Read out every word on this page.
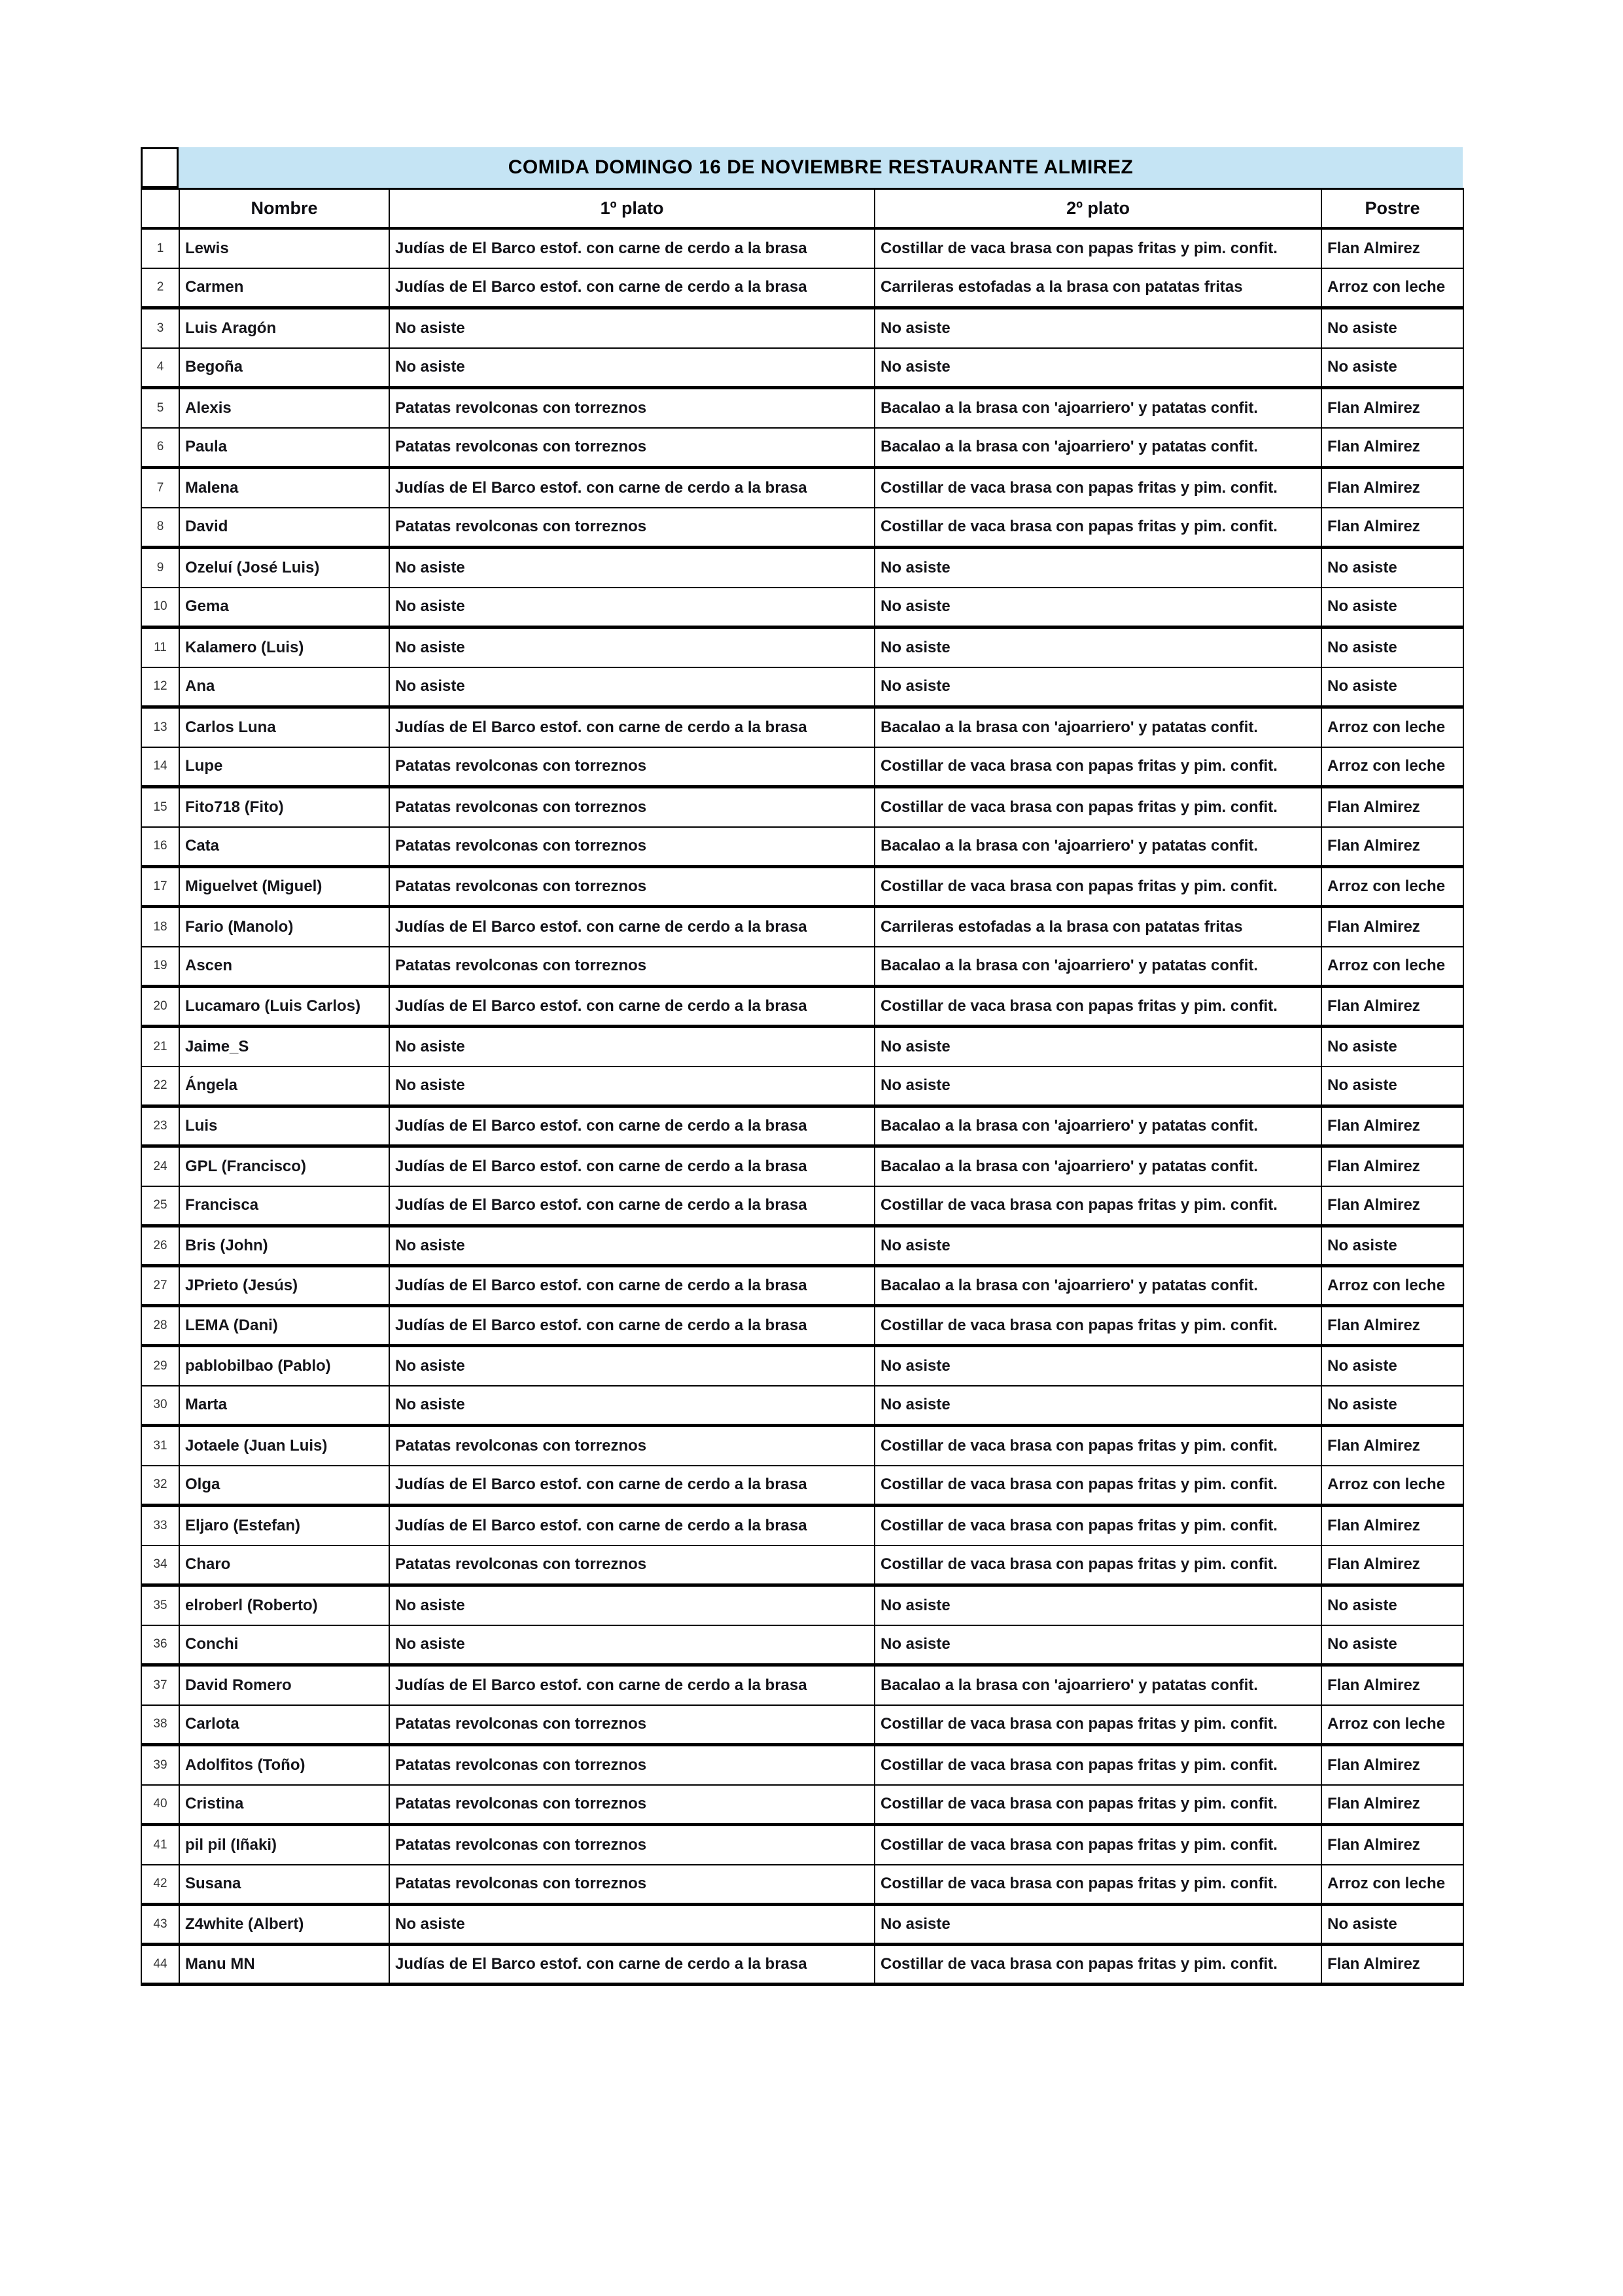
COMIDA DOMINGO 16 DE NOVIEMBRE RESTAURANTE ALMIREZ
	Nombre	1º plato	2º plato	Postre
1	Lewis	Judías de El Barco estof. con carne de cerdo a la brasa	Costillar de vaca brasa con papas fritas y pim. confit.	Flan Almirez
2	Carmen	Judías de El Barco estof. con carne de cerdo a la brasa	Carrileras estofadas a la brasa con patatas fritas	Arroz con leche
3	Luis Aragón	No asiste	No asiste	No asiste
4	Begoña	No asiste	No asiste	No asiste
5	Alexis	Patatas revolconas con torreznos	Bacalao a la brasa con 'ajoarriero' y patatas confit.	Flan Almirez
6	Paula	Patatas revolconas con torreznos	Bacalao a la brasa con 'ajoarriero' y patatas confit.	Flan Almirez
7	Malena	Judías de El Barco estof. con carne de cerdo a la brasa	Costillar de vaca brasa con papas fritas y pim. confit.	Flan Almirez
8	David	Patatas revolconas con torreznos	Costillar de vaca brasa con papas fritas y pim. confit.	Flan Almirez
9	Ozeluí (José Luis)	No asiste	No asiste	No asiste
10	Gema	No asiste	No asiste	No asiste
11	Kalamero (Luis)	No asiste	No asiste	No asiste
12	Ana	No asiste	No asiste	No asiste
13	Carlos Luna	Judías de El Barco estof. con carne de cerdo a la brasa	Bacalao a la brasa con 'ajoarriero' y patatas confit.	Arroz con leche
14	Lupe	Patatas revolconas con torreznos	Costillar de vaca brasa con papas fritas y pim. confit.	Arroz con leche
15	Fito718 (Fito)	Patatas revolconas con torreznos	Costillar de vaca brasa con papas fritas y pim. confit.	Flan Almirez
16	Cata	Patatas revolconas con torreznos	Bacalao a la brasa con 'ajoarriero' y patatas confit.	Flan Almirez
17	Miguelvet (Miguel)	Patatas revolconas con torreznos	Costillar de vaca brasa con papas fritas y pim. confit.	Arroz con leche
18	Fario (Manolo)	Judías de El Barco estof. con carne de cerdo a la brasa	Carrileras estofadas a la brasa con patatas fritas	Flan Almirez
19	Ascen	Patatas revolconas con torreznos	Bacalao a la brasa con 'ajoarriero' y patatas confit.	Arroz con leche
20	Lucamaro (Luis Carlos)	Judías de El Barco estof. con carne de cerdo a la brasa	Costillar de vaca brasa con papas fritas y pim. confit.	Flan Almirez
21	Jaime_S	No asiste	No asiste	No asiste
22	Ángela	No asiste	No asiste	No asiste
23	Luis	Judías de El Barco estof. con carne de cerdo a la brasa	Bacalao a la brasa con 'ajoarriero' y patatas confit.	Flan Almirez
24	GPL (Francisco)	Judías de El Barco estof. con carne de cerdo a la brasa	Bacalao a la brasa con 'ajoarriero' y patatas confit.	Flan Almirez
25	Francisca	Judías de El Barco estof. con carne de cerdo a la brasa	Costillar de vaca brasa con papas fritas y pim. confit.	Flan Almirez
26	Bris (John)	No asiste	No asiste	No asiste
27	JPrieto (Jesús)	Judías de El Barco estof. con carne de cerdo a la brasa	Bacalao a la brasa con 'ajoarriero' y patatas confit.	Arroz con leche
28	LEMA (Dani)	Judías de El Barco estof. con carne de cerdo a la brasa	Costillar de vaca brasa con papas fritas y pim. confit.	Flan Almirez
29	pablobilbao (Pablo)	No asiste	No asiste	No asiste
30	Marta	No asiste	No asiste	No asiste
31	Jotaele (Juan Luis)	Patatas revolconas con torreznos	Costillar de vaca brasa con papas fritas y pim. confit.	Flan Almirez
32	Olga	Judías de El Barco estof. con carne de cerdo a la brasa	Costillar de vaca brasa con papas fritas y pim. confit.	Arroz con leche
33	Eljaro (Estefan)	Judías de El Barco estof. con carne de cerdo a la brasa	Costillar de vaca brasa con papas fritas y pim. confit.	Flan Almirez
34	Charo	Patatas revolconas con torreznos	Costillar de vaca brasa con papas fritas y pim. confit.	Flan Almirez
35	elroberl (Roberto)	No asiste	No asiste	No asiste
36	Conchi	No asiste	No asiste	No asiste
37	David Romero	Judías de El Barco estof. con carne de cerdo a la brasa	Bacalao a la brasa con 'ajoarriero' y patatas confit.	Flan Almirez
38	Carlota	Patatas revolconas con torreznos	Costillar de vaca brasa con papas fritas y pim. confit.	Arroz con leche
39	Adolfitos (Toño)	Patatas revolconas con torreznos	Costillar de vaca brasa con papas fritas y pim. confit.	Flan Almirez
40	Cristina	Patatas revolconas con torreznos	Costillar de vaca brasa con papas fritas y pim. confit.	Flan Almirez
41	pil pil (Iñaki)	Patatas revolconas con torreznos	Costillar de vaca brasa con papas fritas y pim. confit.	Flan Almirez
42	Susana	Patatas revolconas con torreznos	Costillar de vaca brasa con papas fritas y pim. confit.	Arroz con leche
43	Z4white (Albert)	No asiste	No asiste	No asiste
44	Manu MN	Judías de El Barco estof. con carne de cerdo a la brasa	Costillar de vaca brasa con papas fritas y pim. confit.	Flan Almirez
